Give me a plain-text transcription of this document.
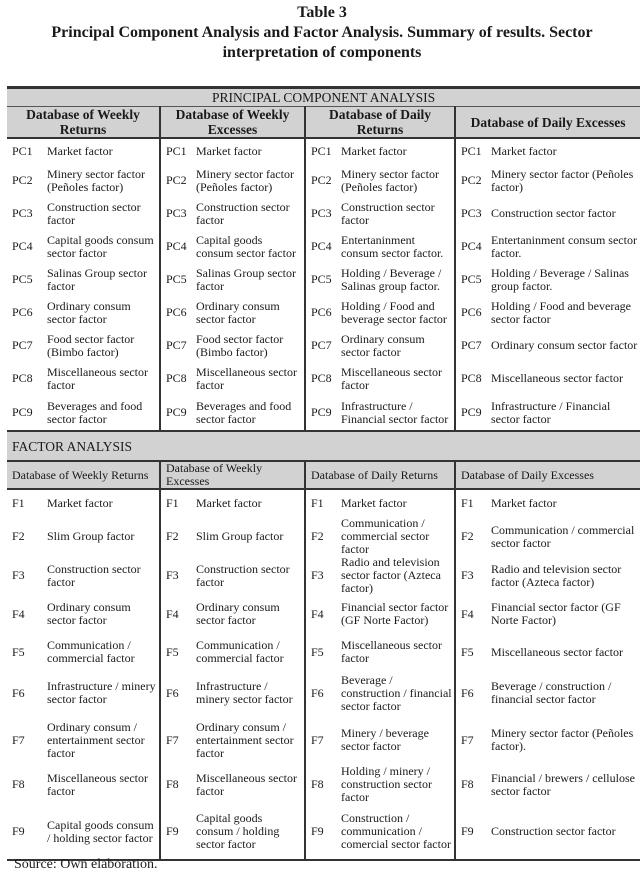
Table 3
Principal Component Analysis and Factor Analysis. Summary of results. Sector
interpretation of components
PRINCIPAL COMPONENT ANALYSIS							
Database of Weekly Returns		Database of Weekly Excesses		Database of Daily Returns		Database of Daily Excesses	
PC1	Market factor	PC1	Market factor	PC1	Market factor	PC1	Market factor
PC2	Minery sector factor (Peñoles factor)	PC2	Minery sector factor (Peñoles factor)	PC2	Minery sector factor (Peñoles factor)	PC2	Minery sector factor (Peñoles factor)
PC3	Construction sector factor	PC3	Construction sector factor	PC3	Construction sector factor	PC3	Construction sector factor
PC4	Capital goods consum sector factor	PC4	Capital goods consum sector factor	PC4	Entertaninment consum sector factor.	PC4	Entertaninment consum sector factor.
PC5	Salinas Group sector factor	PC5	Salinas Group sector factor	PC5	Holding / Beverage / Salinas group factor.	PC5	Holding / Beverage / Salinas group factor.
PC6	Ordinary consum sector factor	PC6	Ordinary consum sector factor	PC6	Holding / Food and beverage sector factor	PC6	Holding / Food and beverage sector factor
PC7	Food sector factor (Bimbo factor)	PC7	Food sector factor (Bimbo factor)	PC7	Ordinary consum sector factor	PC7	Ordinary consum sector factor
PC8	Miscellaneous sector factor	PC8	Miscellaneous sector factor	PC8	Miscellaneous sector factor	PC8	Miscellaneous sector factor
PC9	Beverages and food sector factor	PC9	Beverages and food sector factor	PC9	Infrastructure / Financial sector factor	PC9	Infrastructure / Financial sector factor
FACTOR ANALYSIS							
Database of Weekly Returns		Database of Weekly Excesses		Database of Daily Returns		Database of Daily Excesses	
F1	Market factor	F1	Market factor	F1	Market factor	F1	Market factor
F2	Slim Group factor	F2	Slim Group factor	F2	Communication / commercial sector factor	F2	Communication / commercial sector factor
F3	Construction sector factor	F3	Construction sector factor	F3	Radio and television sector factor (Azteca factor)	F3	Radio and television sector factor (Azteca factor)
F4	Ordinary consum sector factor	F4	Ordinary consum sector factor	F4	Financial sector factor (GF Norte Factor)	F4	Financial sector factor (GF Norte Factor)
F5	Communication / commercial factor	F5	Communication / commercial factor	F5	Miscellaneous sector factor	F5	Miscellaneous sector factor
F6	Infrastructure / minery sector factor	F6	Infrastructure / minery sector factor	F6	Beverage / construction / financial sector factor	F6	Beverage / construction / financial sector factor
F7	Ordinary consum / entertainment sector factor	F7	Ordinary consum / entertainment sector factor	F7	Minery / beverage sector factor	F7	Minery sector factor (Peñoles factor).
F8	Miscellaneous sector factor	F8	Miscellaneous sector factor	F8	Holding / minery / construction sector factor	F8	Financial / brewers / cellulose sector factor
F9	Capital goods consum / holding sector factor	F9	Capital goods consum / holding sector factor	F9	Construction / communication / comercial sector factor	F9	Construction sector factor
Source: Own elaboration.
